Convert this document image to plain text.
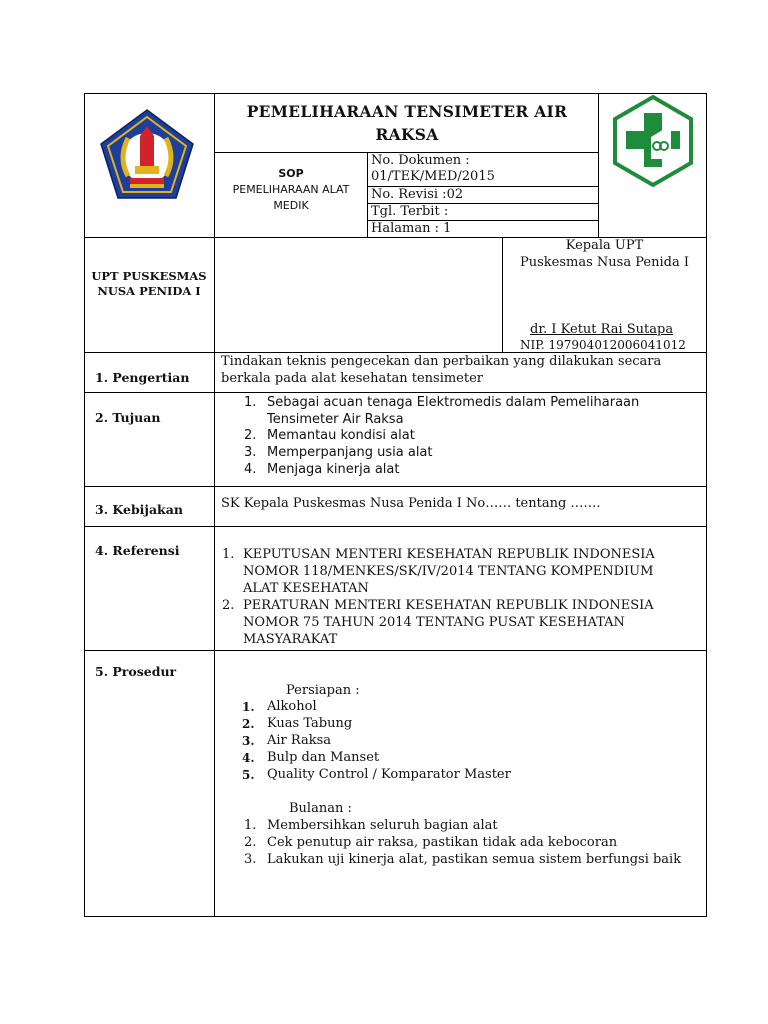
PEMELIHARAAN TENSIMETER AIR
RAKSA
SOP
PEMELIHARAAN ALAT
MEDIK
No. Dokumen :
01/TEK/MED/2015
No. Revisi :02
Tgl. Terbit :
Halaman : 1
UPT PUSKESMAS
NUSA PENIDA I
Kepala UPT
Puskesmas Nusa Penida I
dr. I Ketut Rai Sutapa
NIP. 197904012006041012
1. Pengertian
Tindakan teknis pengecekan dan perbaikan yang dilakukan secara
berkala pada alat kesehatan tensimeter
2. Tujuan
1. Sebagai acuan tenaga Elektromedis dalam Pemeliharaan
Tensimeter Air Raksa
2. Memantau kondisi alat
3. Memperpanjang usia alat
4. Menjaga kinerja alat
3. Kebijakan	SK Kepala Puskesmas Nusa Penida I No…… tentang …….
4. Referensi	1. KEPUTUSAN MENTERI KESEHATAN REPUBLIK INDONESIA
NOMOR 118/MENKES/SK/IV/2014 TENTANG KOMPENDIUM
ALAT KESEHATAN
2. PERATURAN MENTERI KESEHATAN REPUBLIK INDONESIA
NOMOR 75 TAHUN 2014 TENTANG PUSAT KESEHATAN
MASYARAKAT
5. Prosedur
Persiapan :
1. Alkohol
2. Kuas Tabung
3. Air Raksa
4. Bulp dan Manset
5. Quality Control / Komparator Master
Bulanan :
1. Membersihkan seluruh bagian alat
2. Cek penutup air raksa, pastikan tidak ada kebocoran
3. Lakukan uji kinerja alat, pastikan semua sistem berfungsi baik
